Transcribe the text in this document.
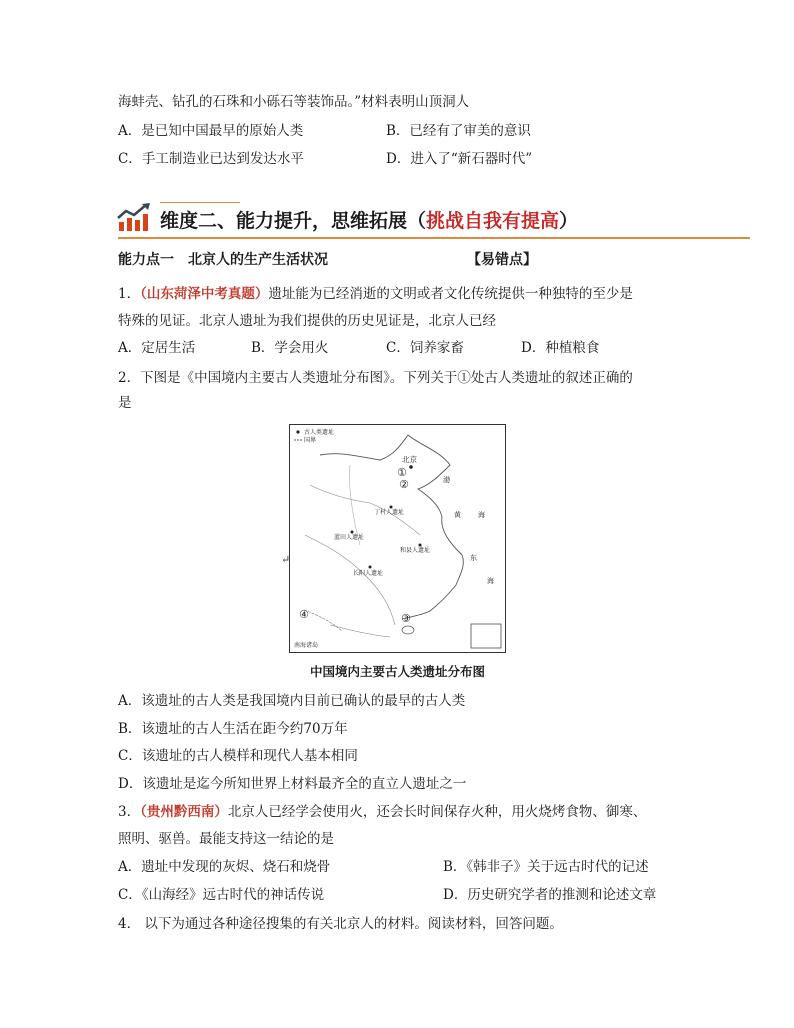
海蚌壳、钻孔的石珠和小砾石等装饰品。”材料表明山顶洞人
A．是已知中国最早的原始人类	B．已经有了审美的意识
C．手工制造业已达到发达水平	D．进入了“新石器时代”
维度二、能力提升，思维拓展（挑战自我有提高）
能力点一　北京人的生产生活状况	【易错点】
1．（山东菏泽中考真题）遗址能为已经消逝的文明或者文化传统提供一种独特的至少是
特殊的见证。北京人遗址为我们提供的历史见证是，北京人已经
A．定居生活	B．学会用火	C．饲养家畜	D．种植粮食
2．下图是《中国境内主要古人类遗址分布图》。下列关于①处古人类遗址的叙述正确的
是
古人类遗址
国界
南海诸岛
北京
①
②
③
④
丁村人遗址
蓝田人遗址
和县人遗址
长阳人遗址
渤
黄 海
东
海
↵
中国境内主要古人类遗址分布图
A．该遗址的古人类是我国境内目前已确认的最早的古人类
B．该遗址的古人生活在距今约70万年
C．该遗址的古人模样和现代人基本相同
D．该遗址是迄今所知世界上材料最齐全的直立人遗址之一
3．（贵州黔西南）北京人已经学会使用火，还会长时间保存火种，用火烧烤食物、御寒、
照明、驱兽。最能支持这一结论的是
A．遗址中发现的灰烬、烧石和烧骨	B．《韩非子》关于远古时代的记述
C．《山海经》远古时代的神话传说	D．历史研究学者的推测和论述文章
4． 以下为通过各种途径搜集的有关北京人的材料。阅读材料，回答问题。
